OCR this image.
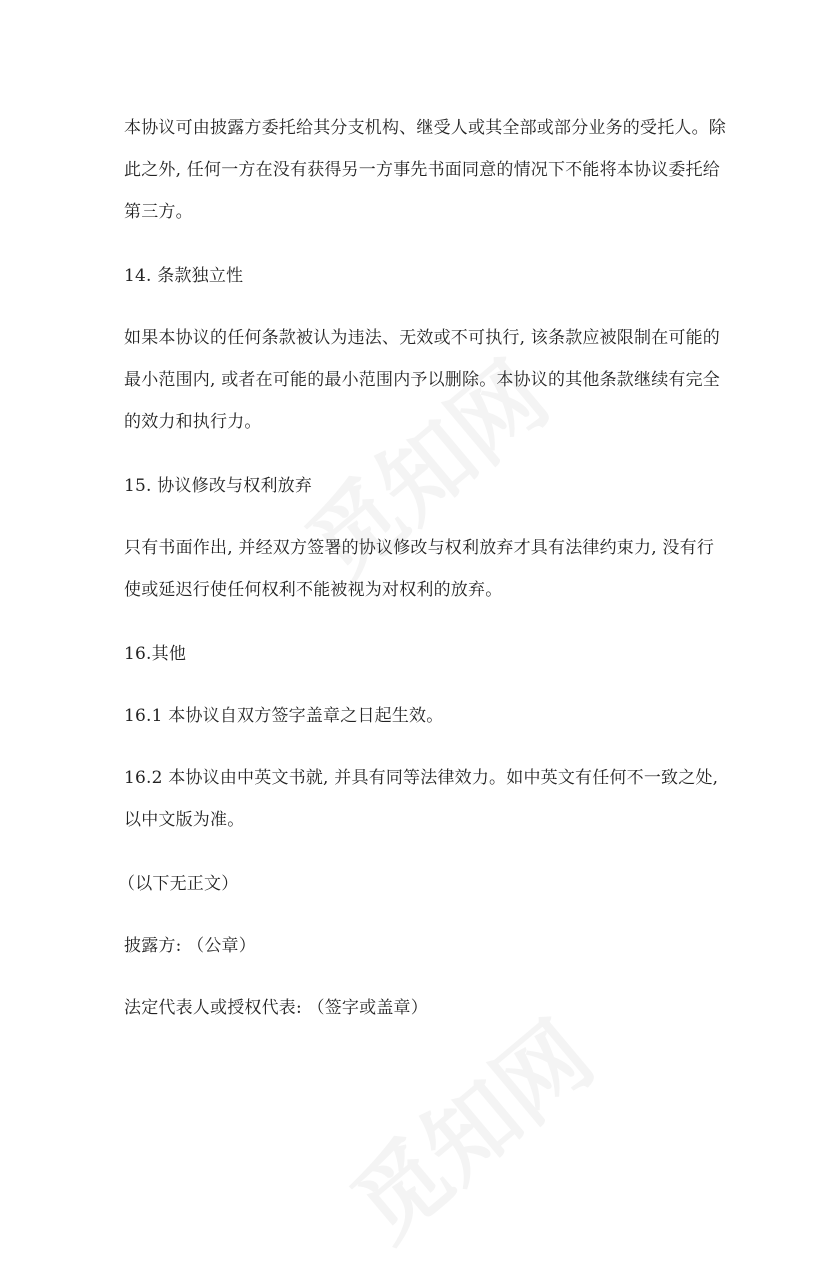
本协议可由披露方委托给其分支机构、继受人或其全部或部分业务的受托人。除
此之外, 任何一方在没有获得另一方事先书面同意的情况下不能将本协议委托给
第三方。
14. 条款独立性
如果本协议的任何条款被认为违法、无效或不可执行, 该条款应被限制在可能的
最小范围内, 或者在可能的最小范围内予以删除。本协议的其他条款继续有完全
的效力和执行力。
15. 协议修改与权利放弃
只有书面作出, 并经双方签署的协议修改与权利放弃才具有法律约束力, 没有行
使或延迟行使任何权利不能被视为对权利的放弃。
16.其他
16.1 本协议自双方签字盖章之日起生效。
16.2 本协议由中英文书就, 并具有同等法律效力。如中英文有任何不一致之处,
以中文版为准。
（以下无正文）
披露方: （公章）
法定代表人或授权代表: （签字或盖章）
